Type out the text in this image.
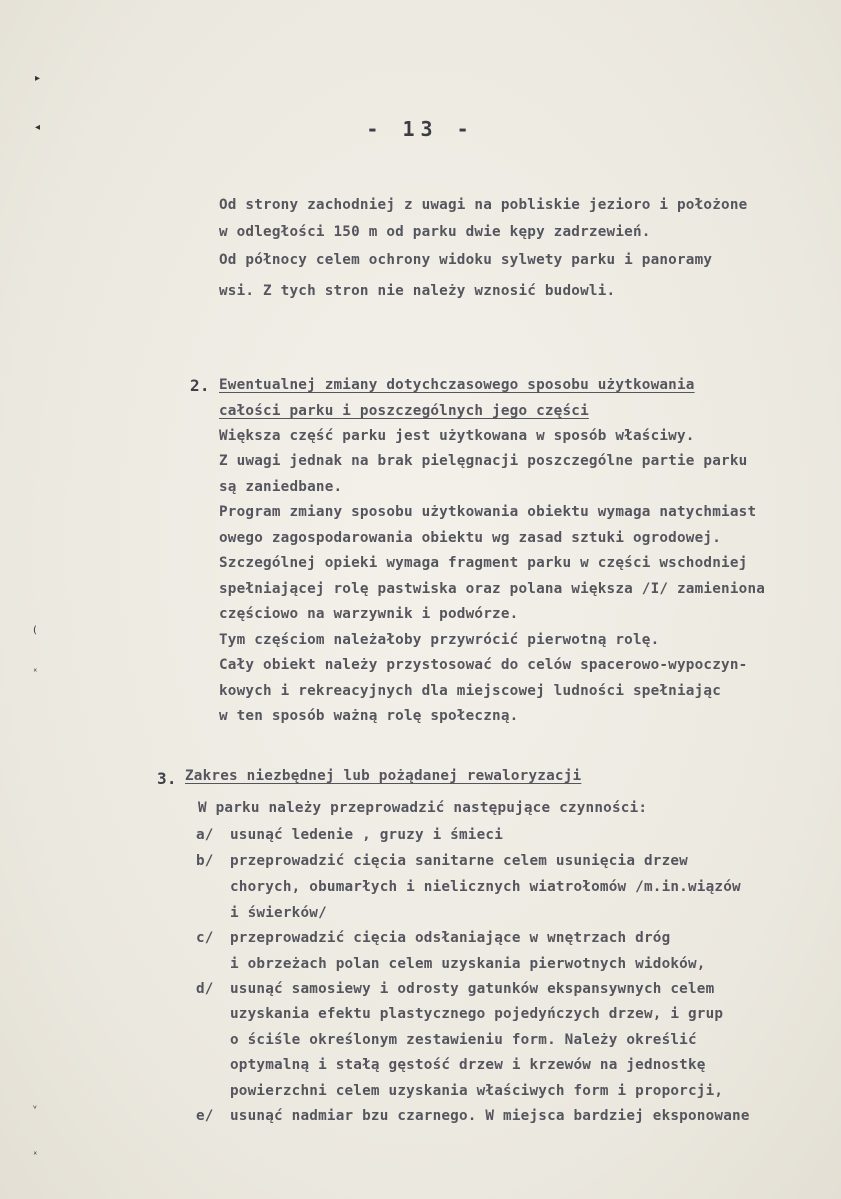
▸
◂
(
ˣ
ᵛ
ˣ
- 13 -
Od strony zachodniej z uwagi na pobliskie jezioro i położone
w odległości 150 m od parku dwie kępy zadrzewień.
Od północy celem ochrony widoku sylwety parku i panoramy
wsi. Z tych stron nie należy wznosić budowli.
2. Ewentualnej zmiany dotychczasowego sposobu użytkowania
całości parku i poszczególnych jego części
Większa część parku jest użytkowana w sposób właściwy.
Z uwagi jednak na brak pielęgnacji poszczególne partie parku
są zaniedbane.
Program zmiany sposobu użytkowania obiektu wymaga natychmiast
owego zagospodarowania obiektu wg zasad sztuki ogrodowej.
Szczególnej opieki wymaga fragment parku w części wschodniej
spełniającej rolę pastwiska oraz polana większa /I/ zamieniona
częściowo na warzywnik i podwórze.
Tym częściom należałoby przywrócić pierwotną rolę.
Cały obiekt należy przystosować do celów spacerowo-wypoczyn-
kowych i rekreacyjnych dla miejscowej ludności spełniając
w ten sposób ważną rolę społeczną.
3. Zakres niezbędnej lub pożądanej rewaloryzacji
W parku należy przeprowadzić następujące czynności:
a/ usunąć ledenie , gruzy i śmieci
b/ przeprowadzić cięcia sanitarne celem usunięcia drzew
chorych, obumarłych i nielicznych wiatrołomów /m.in.wiązów
i świerków/
c/ przeprowadzić cięcia odsłaniające w wnętrzach dróg
i obrzeżach polan celem uzyskania pierwotnych widoków,
d/ usunąć samosiewy i odrosty gatunków ekspansywnych celem
uzyskania efektu plastycznego pojedyńczych drzew, i grup
o ściśle określonym zestawieniu form. Należy określić
optymalną i stałą gęstość drzew i krzewów na jednostkę
powierzchni celem uzyskania właściwych form i proporcji,
e/ usunąć nadmiar bzu czarnego. W miejsca bardziej eksponowane
